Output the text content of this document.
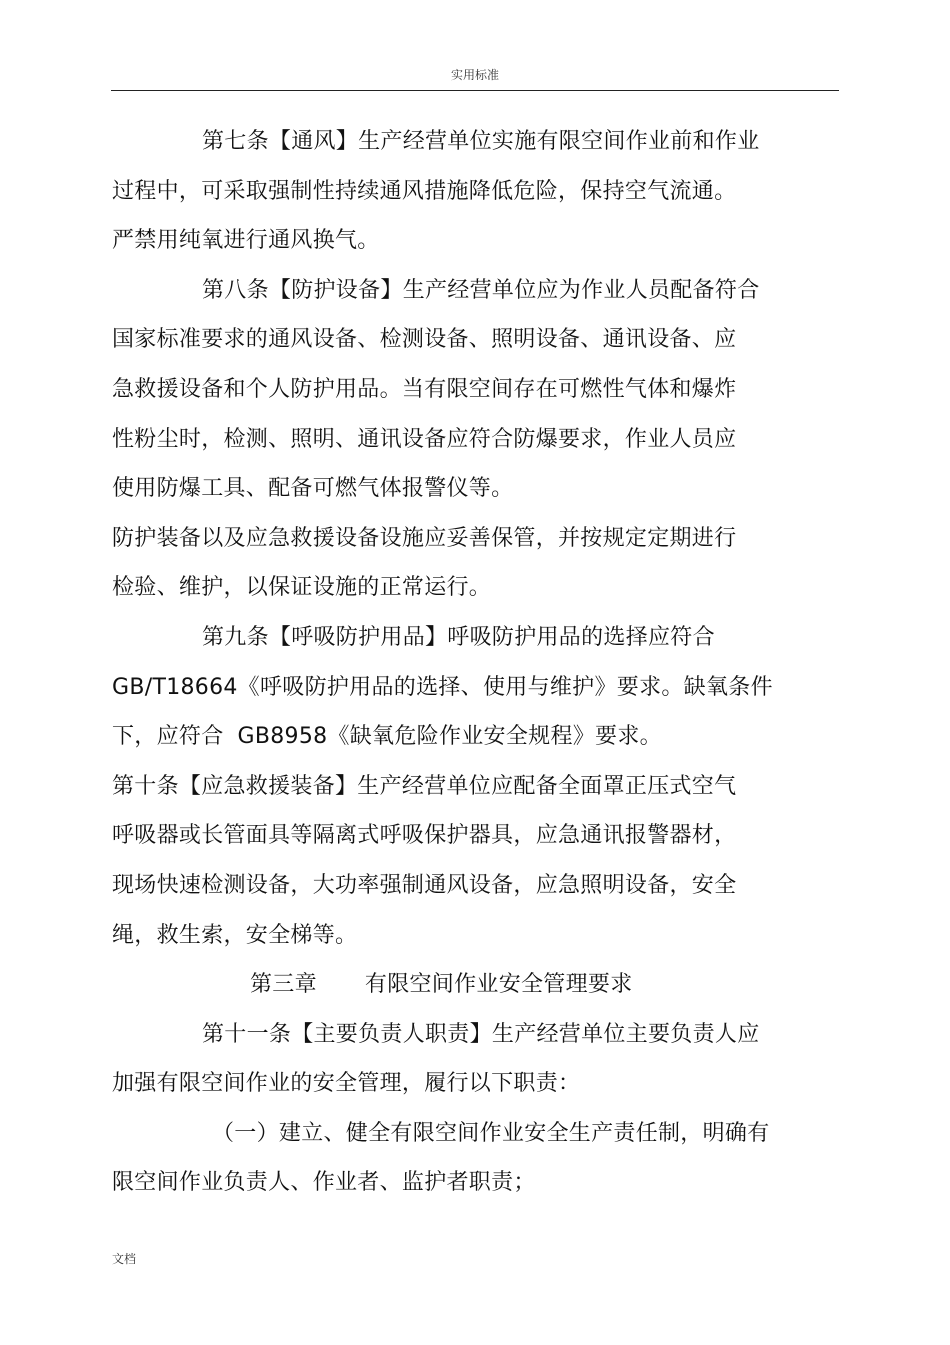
实用标准
第七条【通风】生产经营单位实施有限空间作业前和作业
过程中，可采取强制性持续通风措施降低危险，保持空气流通。
严禁用纯氧进行通风换气。
第八条【防护设备】生产经营单位应为作业人员配备符合
国家标准要求的通风设备、检测设备、照明设备、通讯设备、应
急救援设备和个人防护用品。当有限空间存在可燃性气体和爆炸
性粉尘时，检测、照明、通讯设备应符合防爆要求，作业人员应
使用防爆工具、配备可燃气体报警仪等。
防护装备以及应急救援设备设施应妥善保管，并按规定定期进行
检验、维护，以保证设施的正常运行。
第九条【呼吸防护用品】呼吸防护用品的选择应符合
GB/T18664《呼吸防护用品的选择、使用与维护》要求。缺氧条件
下，应符合 GB8958《缺氧危险作业安全规程》要求。
第十条【应急救援装备】生产经营单位应配备全面罩正压式空气
呼吸器或长管面具等隔离式呼吸保护器具，应急通讯报警器材，
现场快速检测设备，大功率强制通风设备，应急照明设备，安全
绳，救生索，安全梯等。
第三章 有限空间作业安全管理要求
第十一条【主要负责人职责】生产经营单位主要负责人应
加强有限空间作业的安全管理，履行以下职责：
（一）建立、健全有限空间作业安全生产责任制，明确有
限空间作业负责人、作业者、监护者职责；
文档
